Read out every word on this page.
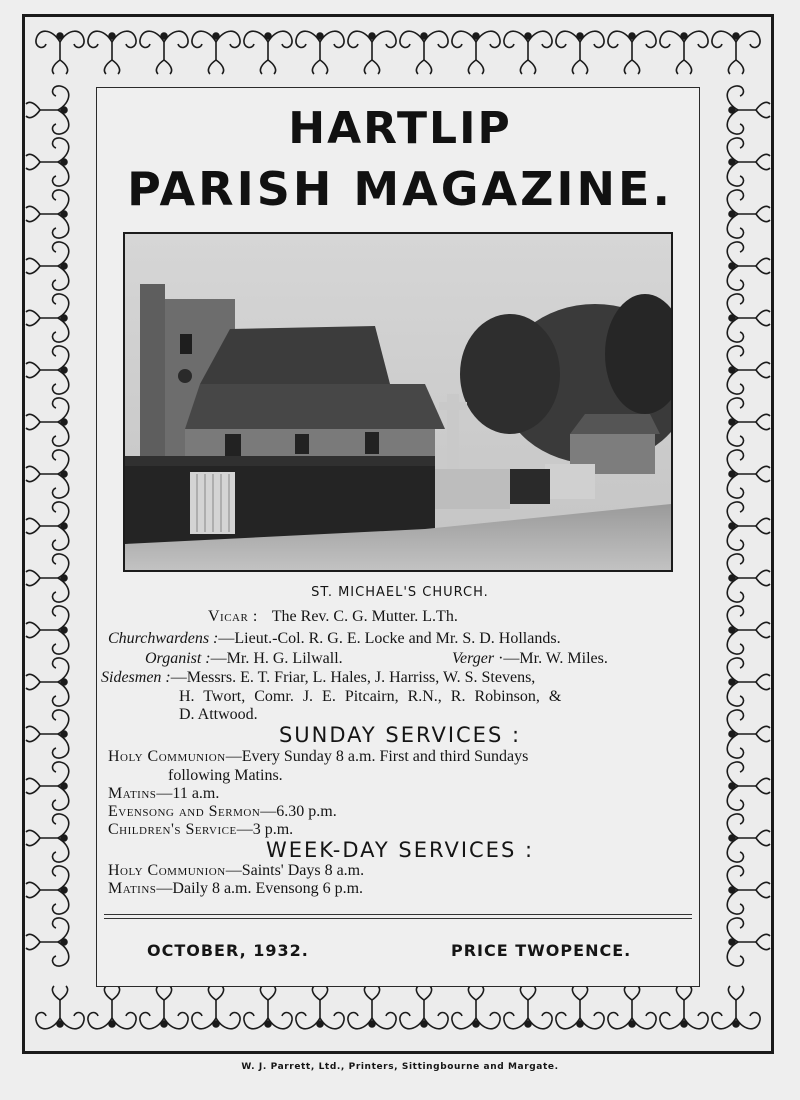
HARTLIP
PARISH MAGAZINE.
ST. MICHAEL'S CHURCH.
Vicar : The Rev. C. G. Mutter. L.Th.
Churchwardens :—Lieut.-Col. R. G. E. Locke and Mr. S. D. Hollands.
Organist :—Mr. H. G. Lilwall.	Verger ·—Mr. W. Miles.
Sidesmen :—Messrs. E. T. Friar, L. Hales, J. Harriss, W. S. Stevens,
H. Twort, Comr. J. E. Pitcairn, R.N., R. Robinson, &
D. Attwood.
SUNDAY SERVICES :
Holy Communion—Every Sunday 8 a.m. First and third Sundays
following Matins.
Matins—11 a.m.
Evensong and Sermon—6.30 p.m.
Children's Service—3 p.m.
WEEK-DAY SERVICES :
Holy Communion—Saints' Days 8 a.m.
Matins—Daily 8 a.m. Evensong 6 p.m.
OCTOBER, 1932.	PRICE TWOPENCE.
W. J. Parrett, Ltd., Printers, Sittingbourne and Margate.
